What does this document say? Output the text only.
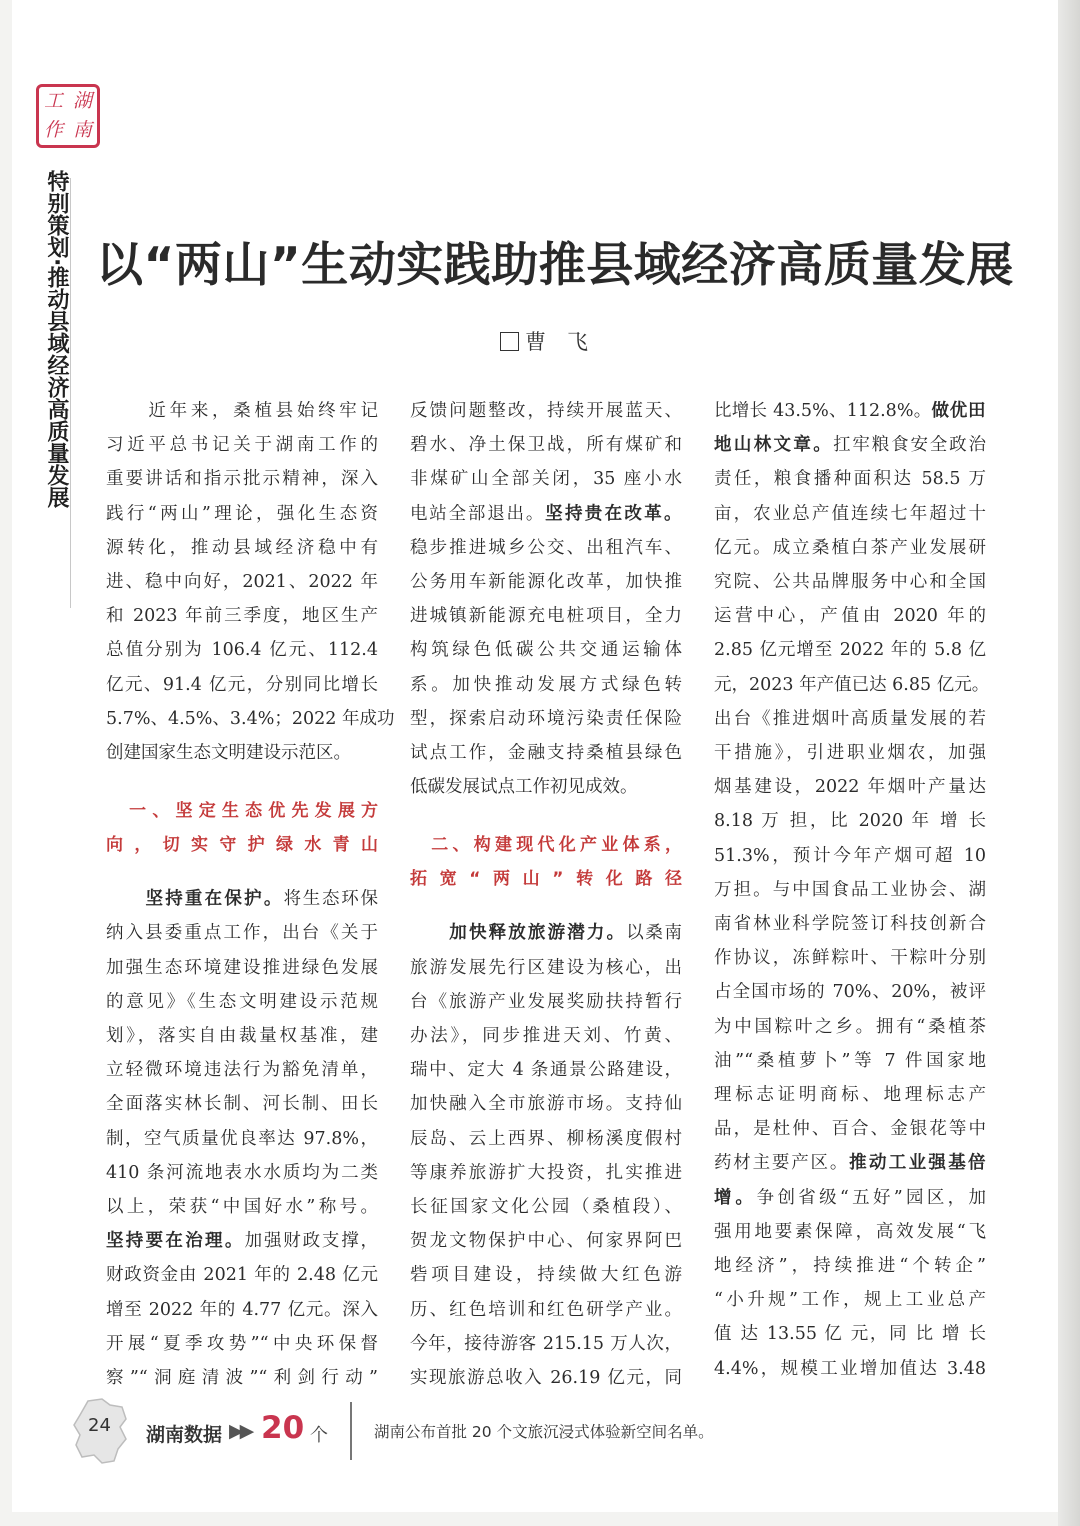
工 湖
作 南
特别策划·推动县域经济高质量发展 以“两山”生动实践助推县域经济高质量发展
曹　飞

　　近年来，桑植县始终牢记

习近平总书记关于湖南工作的

重要讲话和指示批示精神，深入

践行“两山”理论，强化生态资

源转化，推动县域经济稳中有

进、稳中向好，2021、2022 年

和 2023 年前三季度，地区生产

总值分别为 106.4 亿元、112.4

亿元、91.4 亿元，分别同比增长

5.7%、4.5%、3.4%；2022 年成功

创建国家生态文明建设示范区。

　一、坚定生态优先发展方
向，切实守护绿水青山

　　坚持重在保护。将生态环保

纳入县委重点工作，出台《关于

加强生态环境建设推进绿色发展

的意见》《生态文明建设示范规

划》，落实自由裁量权基准，建

立轻微环境违法行为豁免清单，

全面落实林长制、河长制、田长

制，空气质量优良率达 97.8%，

410 条河流地表水水质均为二类

以上，荣获“中国好水”称号。

坚持要在治理。加强财政支撑，

财政资金由 2021 年的 2.48 亿元

增至 2022 年的 4.77 亿元。深入

开展“夏季攻势”“中央环保督

察”“洞庭清波”“利剑行动”

反馈问题整改，持续开展蓝天、

碧水、净土保卫战，所有煤矿和

非煤矿山全部关闭，35 座小水

电站全部退出。坚持贵在改革。

稳步推进城乡公交、出租汽车、

公务用车新能源化改革，加快推

进城镇新能源充电桩项目，全力

构筑绿色低碳公共交通运输体

系。加快推动发展方式绿色转

型，探索启动环境污染责任保险

试点工作，金融支持桑植县绿色

低碳发展试点工作初见成效。

　二、构建现代化产业体系，
拓宽“两山”转化路径

　　加快释放旅游潜力。以桑南

旅游发展先行区建设为核心，出

台《旅游产业发展奖励扶持暂行

办法》，同步推进天刘、竹黄、

瑞中、定大 4 条通景公路建设，

加快融入全市旅游市场。支持仙

辰岛、云上西界、柳杨溪度假村

等康养旅游扩大投资，扎实推进

长征国家文化公园（桑植段）、

贺龙文物保护中心、何家界阿巴

砦项目建设，持续做大红色游

历、红色培训和红色研学产业。

今年，接待游客 215.15 万人次，

实现旅游总收入 26.19 亿元，同

比增长 43.5%、112.8%。做优田

地山林文章。扛牢粮食安全政治

责任，粮食播种面积达 58.5 万

亩，农业总产值连续七年超过十

亿元。成立桑植白茶产业发展研

究院、公共品牌服务中心和全国

运营中心，产值由 2020 年的

2.85 亿元增至 2022 年的 5.8 亿

元，2023 年产值已达 6.85 亿元。

出台《推进烟叶高质量发展的若

干措施》，引进职业烟农，加强

烟基建设，2022 年烟叶产量达

8.18 万 担，比 2020 年 增 长

51.3%，预计今年产烟可超 10

万担。与中国食品工业协会、湖

南省林业科学院签订科技创新合

作协议，冻鲜粽叶、干粽叶分别

占全国市场的 70%、20%，被评

为中国粽叶之乡。拥有“桑植茶

油”“桑植萝卜”等 7 件国家地

理标志证明商标、地理标志产

品，是杜仲、百合、金银花等中

药材主要产区。推动工业强基倍

增。争创省级“五好”园区，加

强用地要素保障，高效发展“飞

地经济”，持续推进“个转企”

“小升规”工作，规上工业总产

值 达 13.55 亿 元，同 比 增 长

4.4%，规模工业增加值达 3.48

24 湖南数据 ▶▶ 20 个	湖南公布首批 20 个文旅沉浸式体验新空间名单。
